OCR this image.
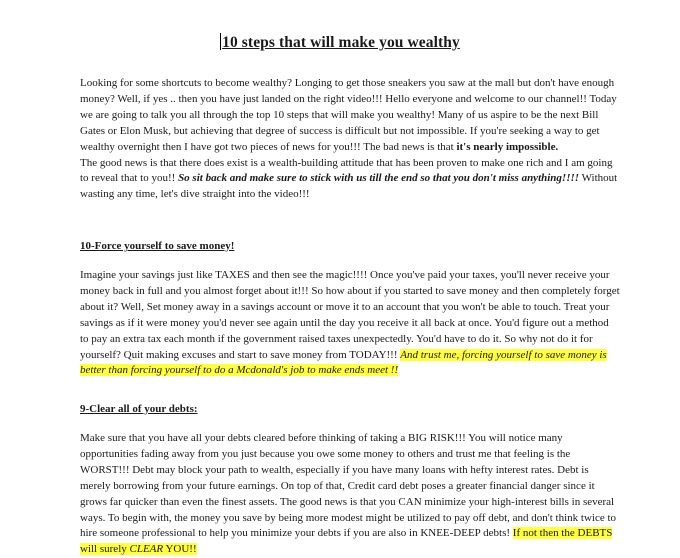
10 steps that will make you wealthy

Looking for some shortcuts to become wealthy? Longing to get those sneakers you saw at the mall but don't have enough money? Well, if yes .. then you have just landed on the right video!!! Hello everyone and welcome to our channel!! Today we are going to talk you all through the top 10 steps that will make you wealthy! Many of us aspire to be the next Bill Gates or Elon Musk, but achieving that degree of success is difficult but not impossible. If you're seeking a way to get wealthy overnight then I have got two pieces of news for you!!! The bad news is that it's nearly impossible.
The good news is that there does exist is a wealth-building attitude that has been proven to make one rich and I am going to reveal that to you!! So sit back and make sure to stick with us till the end so that you don't miss anything!!!! Without wasting any time, let's dive straight into the video!!!

10-Force yourself to save money!

Imagine your savings just like TAXES and then see the magic!!!! Once you've paid your taxes, you'll never receive your money back in full and you almost forget about it!!! So how about if you started to save money and then completely forget about it? Well, Set money away in a savings account or move it to an account that you won't be able to touch. Treat your savings as if it were money you'd never see again until the day you receive it all back at once. You'd figure out a method to pay an extra tax each month if the government raised taxes unexpectedly. You'd have to do it. So why not do it for yourself? Quit making excuses and start to save money from TODAY!!! And trust me, forcing yourself to save money is better than forcing yourself to do a Mcdonald's job to make ends meet !!

9-Clear all of your debts:

Make sure that you have all your debts cleared before thinking of taking a BIG RISK!!! You will notice many opportunities fading away from you just because you owe some money to others and trust me that feeling is the WORST!!! Debt may block your path to wealth, especially if you have many loans with hefty interest rates. Debt is merely borrowing from your future earnings. On top of that, Credit card debt poses a greater financial danger since it grows far quicker than even the finest assets. The good news is that you CAN minimize your high-interest bills in several ways. To begin with, the money you save by being more modest might be utilized to pay off debt, and don't think twice to hire someone professional to help you minimize your debts if you are also in KNEE-DEEP debts! If not then the DEBTS will surely CLEAR YOU!!
